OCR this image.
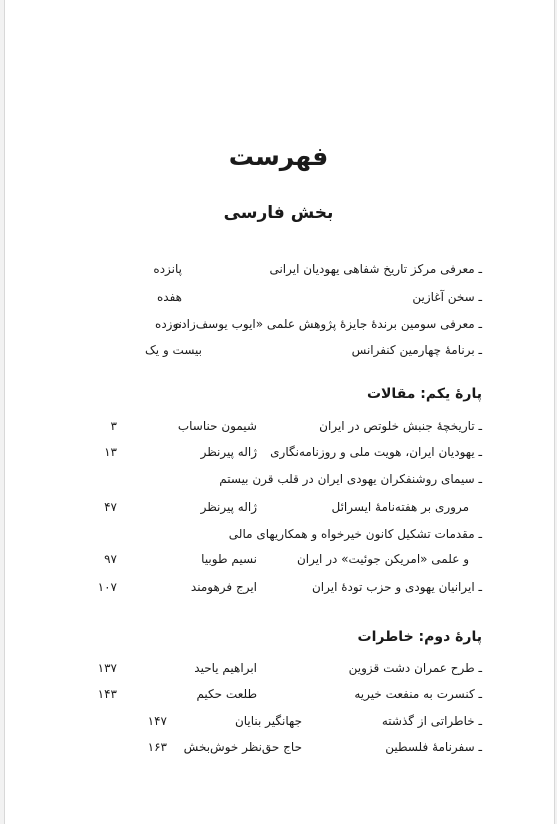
فهرست
بخش فارسی
ـ معرفی مرکز تاریخ شفاهی یهودیان ایرانی
پانزده
ـ سخن آغازین
هفده
ـ معرفی سومین برندهٔ جایزهٔ پژوهش علمی «ایوب یوسف‌زاده
نوزده
ـ برنامهٔ چهارمین کنفرانس
بیست و یک
پارهٔ یکم: مقالات
ـ تاریخچهٔ جنبش خلوتص در ایران
شیمون حناساب
۳
ـ یهودیان ایران، هویت ملی و روزنامه‌نگاری
ژاله پیرنظر
۱۳
ـ سیمای روشنفکران یهودی ایران در قلب قرن بیستم
مروری بر هفته‌نامهٔ ایسرائل
ژاله پیرنظر
۴۷
ـ مقدمات تشکیل کانون خیرخواه و همکاریهای مالی
و علمی «امریکن جوئیت» در ایران
نسیم طوبیا
۹۷
ـ ایرانیان یهودی و حزب تودهٔ ایران
ایرج فرهومند
۱۰۷
پارهٔ دوم: خاطرات
ـ طرح عمران دشت قزوین
ابراهیم یاحید
۱۳۷
ـ کنسرت به منفعت خیریه
طلعت حکیم
۱۴۳
ـ خاطراتی از گذشته
جهانگیر بنایان
۱۴۷
ـ سفرنامهٔ فلسطین
حاج حق‌نظر خوش‌بخش
۱۶۳
